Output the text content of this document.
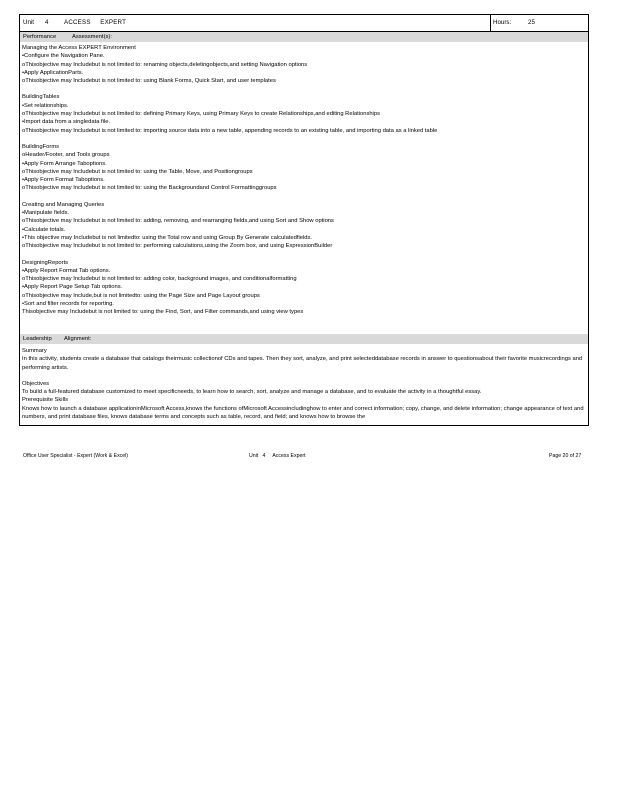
Unit 4	ACCESS     EXPERT	Hours:	25
Performance	Assessment(s):
Managing the Access EXPERT Environment
•Configure the Navigation Pane.
oThisobjective may Includebut is not limited to: renaming objects,deletingobjects,and setting Navigation options
•Apply ApplicationParts.
oThisobjective may Includebut is not limited to: using Blank Forms, Quick Start, and user templates
BuildingTables
•Set relationships.
oThisobjective may Includebut is not limited to: defining Primary Keys, using Primary Keys to create Relationships,and editing Relationships
•Import data from a singledata file.
oThisobjective may Includebut is not limited to: importing source data into a new table, appending records to an existing table, and importing data as a linked table
BuildingForms
oHeader/Footer, and Tools groups
•Apply Form Arrange Taboptions.
oThisobjective may Includebut is not limited to: using the Table, Move, and Positiongroups
•Apply Form Format Taboptions.
oThisobjective may Includebut is not limited to: using the Backgroundand Control Formattinggroups
Creating and Managing Queries
•Manipulate fields.
oThisobjective may Includebut is not limited to: adding, removing, and rearranging fields,and using Sort and Show options
•Calculate totals.
•This objective may Includebut is not limitedto: using the Total row and using Group By Generate calculatedfields.
oThisobjective may Includebut is not limited to: performing calculations,using the Zoom box, and using ExpressionBuilder
DesigningReports
•Apply Report Format Tab options.
oThisobjective may Includebut is not limited to: adding color, background images, and conditionalformatting
•Apply Report Page Setup Tab options.
oThisobjective may Include,but is not limitedto: using the Page Size and Page Layout groups
•Sort and filter records for reporting.
Thisobjective may Includebut is not limited to: using the Find, Sort, and Filter commands,and using view types
Leadership Alignment:
Summary
In this activity, students create a database that catalogs theirmusic collectionof CDs and tapes. Then they sort, analyze, and print selecteddatabase records in answer to questionsabout their favorite musicrecordings and performing artists.
Objectives
To build a full-featured database customized to meet specificneeds, to learn how to search, sort, analyze and manage a database, and to evaluate the activity in a thoughtful essay.
Prerequisite Skills
Knows how to launch a database applicationinMicrosoft Access,knows the functions ofMicrosoft Accessincludinghow to enter and correct information; copy, change, and delete information; change appearance of text and numbers, and print database files, knows database terms and concepts such as table, record, and field; and knows how to browse the
Office User Specialist - Expert (Work & Excel)	Unit   4     Access Expert	Page 20 of 27
